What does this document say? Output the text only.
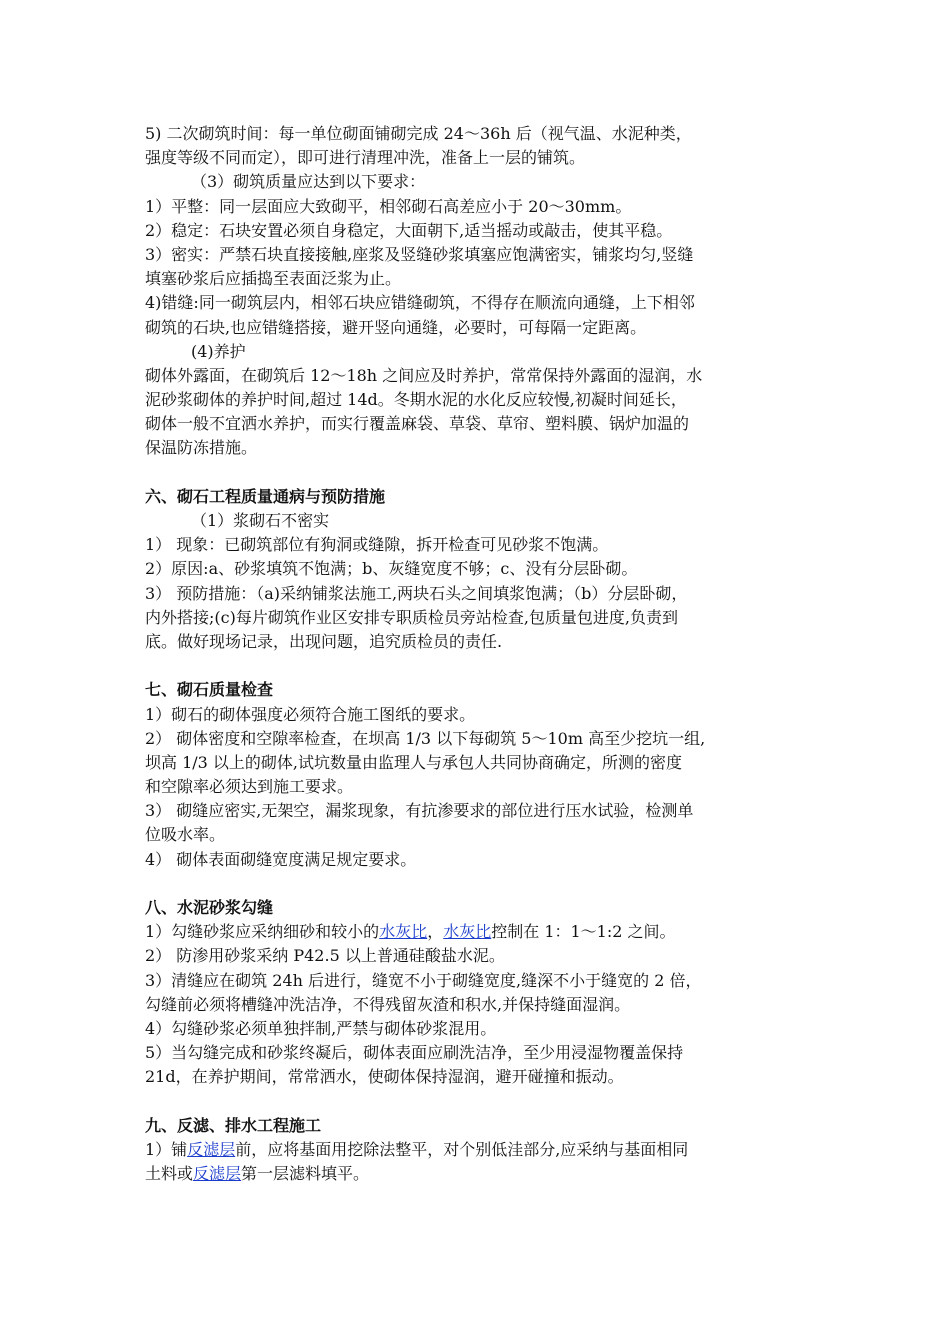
5) 二次砌筑时间：每一单位砌面铺砌完成 24～36h 后（视气温、水泥种类，
强度等级不同而定），即可进行清理冲洗，准备上一层的铺筑。
（3）砌筑质量应达到以下要求：
1）平整：同一层面应大致砌平，相邻砌石高差应小于 20～30mm。
2）稳定：石块安置必须自身稳定，大面朝下,适当摇动或敲击，使其平稳。
3）密实：严禁石块直接接触,座浆及竖缝砂浆填塞应饱满密实，铺浆均匀,竖缝
填塞砂浆后应插捣至表面泛浆为止。
4)错缝:同一砌筑层内，相邻石块应错缝砌筑，不得存在顺流向通缝，上下相邻
砌筑的石块,也应错缝搭接，避开竖向通缝，必要时，可每隔一定距离。
(4)养护
砌体外露面，在砌筑后 12～18h 之间应及时养护，常常保持外露面的湿润，水
泥砂浆砌体的养护时间,超过 14d。冬期水泥的水化反应较慢,初凝时间延长，
砌体一般不宜洒水养护，而实行覆盖麻袋、草袋、草帘、塑料膜、锅炉加温的
保温防冻措施。
六、砌石工程质量通病与预防措施
（1）浆砌石不密实
1） 现象：已砌筑部位有狗洞或缝隙，拆开检查可见砂浆不饱满。
2）原因:a、砂浆填筑不饱满；b、灰缝宽度不够；c、没有分层卧砌。
3） 预防措施：（a)采纳铺浆法施工,两块石头之间填浆饱满；（b）分层卧砌，
内外搭接;(c)每片砌筑作业区安排专职质检员旁站检查,包质量包进度,负责到
底。做好现场记录，出现问题，追究质检员的责任.
七、砌石质量检查
1）砌石的砌体强度必须符合施工图纸的要求。
2） 砌体密度和空隙率检查，在坝高 1/3 以下每砌筑 5～10m 高至少挖坑一组,
坝高 1/3 以上的砌体,试坑数量由监理人与承包人共同协商确定，所测的密度
和空隙率必须达到施工要求。
3） 砌缝应密实,无架空，漏浆现象，有抗渗要求的部位进行压水试验，检测单
位吸水率。
4） 砌体表面砌缝宽度满足规定要求。
八、水泥砂浆勾缝
1）勾缝砂浆应采纳细砂和较小的水灰比，水灰比控制在 1：1～1:2 之间。
2） 防渗用砂浆采纳 P42.5 以上普通硅酸盐水泥。
3）清缝应在砌筑 24h 后进行，缝宽不小于砌缝宽度,缝深不小于缝宽的 2 倍，
勾缝前必须将槽缝冲洗洁净，不得残留灰渣和积水,并保持缝面湿润。
4）勾缝砂浆必须单独拌制,严禁与砌体砂浆混用。
5）当勾缝完成和砂浆终凝后，砌体表面应刷洗洁净，至少用浸湿物覆盖保持
21d，在养护期间，常常洒水，使砌体保持湿润，避开碰撞和振动。
九、反滤、排水工程施工
1）铺反滤层前，应将基面用挖除法整平，对个别低洼部分,应采纳与基面相同
土料或反滤层第一层滤料填平。
